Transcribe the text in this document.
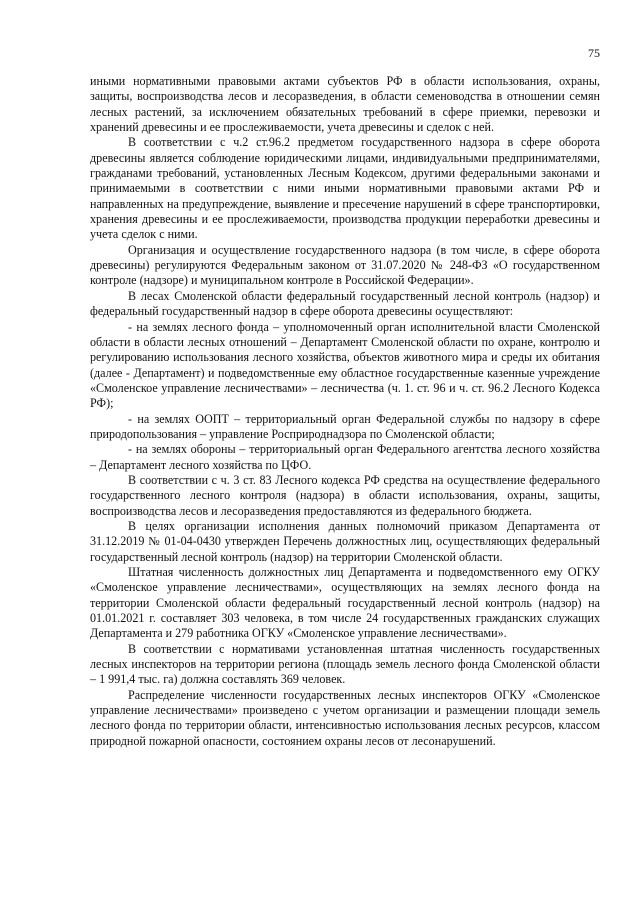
75

иными нормативными правовыми актами субъектов РФ в области использования, охраны, защиты, воспроизводства лесов и лесоразведения, в области семеноводства в отношении семян лесных растений, за исключением обязательных требований в сфере приемки, перевозки и хранений древесины и ее прослеживаемости, учета древесины и сделок с ней.

В соответствии с ч.2 ст.96.2 предметом государственного надзора в сфере оборота древесины является соблюдение юридическими лицами, индивидуальными предпринимателями, гражданами требований, установленных Лесным Кодексом, другими федеральными законами и принимаемыми в соответствии с ними иными нормативными правовыми актами РФ и направленных на предупреждение, выявление и пресечение нарушений в сфере транспортировки, хранения древесины и ее прослеживаемости, производства продукции переработки древесины и учета сделок с ними.

Организация и осуществление государственного надзора (в том числе, в сфере оборота древесины) регулируются Федеральным законом от 31.07.2020 № 248-ФЗ «О государственном контроле (надзоре) и муниципальном контроле в Российской Федерации».

В лесах Смоленской области федеральный государственный лесной контроль (надзор) и федеральный государственный надзор в сфере оборота древесины осуществляют:

- на землях лесного фонда – уполномоченный орган исполнительной власти Смоленской области в области лесных отношений – Департамент Смоленской области по охране, контролю и регулированию использования лесного хозяйства, объектов животного мира и среды их обитания (далее - Департамент) и подведомственные ему областное государственные казенные учреждение «Смоленское управление лесничествами» – лесничества (ч. 1. ст. 96 и ч. ст. 96.2 Лесного Кодекса РФ);

- на землях ООПТ – территориальный орган Федеральной службы по надзору в сфере природопользования – управление Росприроднадзора по Смоленской области;

- на землях обороны – территориальный орган Федерального агентства лесного хозяйства – Департамент лесного хозяйства по ЦФО.

В соответствии с ч. 3 ст. 83 Лесного кодекса РФ средства на осуществление федерального государственного лесного контроля (надзора) в области использования, охраны, защиты, воспроизводства лесов и лесоразведения предоставляются из федерального бюджета.

В целях организации исполнения данных полномочий приказом Департамента от 31.12.2019 № 01-04-0430 утвержден Перечень должностных лиц, осуществляющих федеральный государственный лесной контроль (надзор) на территории Смоленской области.

Штатная численность должностных лиц Департамента и подведомственного ему ОГКУ «Смоленское управление лесничествами», осуществляющих на землях лесного фонда на территории Смоленской области федеральный государственный лесной контроль (надзор) на 01.01.2021 г. составляет 303 человека, в том числе 24 государственных гражданских служащих Департамента и 279 работника ОГКУ «Смоленское управление лесничествами».

В соответствии с нормативами установленная штатная численность государственных лесных инспекторов на территории региона (площадь земель лесного фонда Смоленской области – 1 991,4 тыс. га) должна составлять 369 человек.

Распределение численности государственных лесных инспекторов ОГКУ «Смоленское управление лесничествами» произведено с учетом организации и размещении площади земель лесного фонда по территории области, интенсивностью использования лесных ресурсов, классом природной пожарной опасности, состоянием охраны лесов от лесонарушений.
